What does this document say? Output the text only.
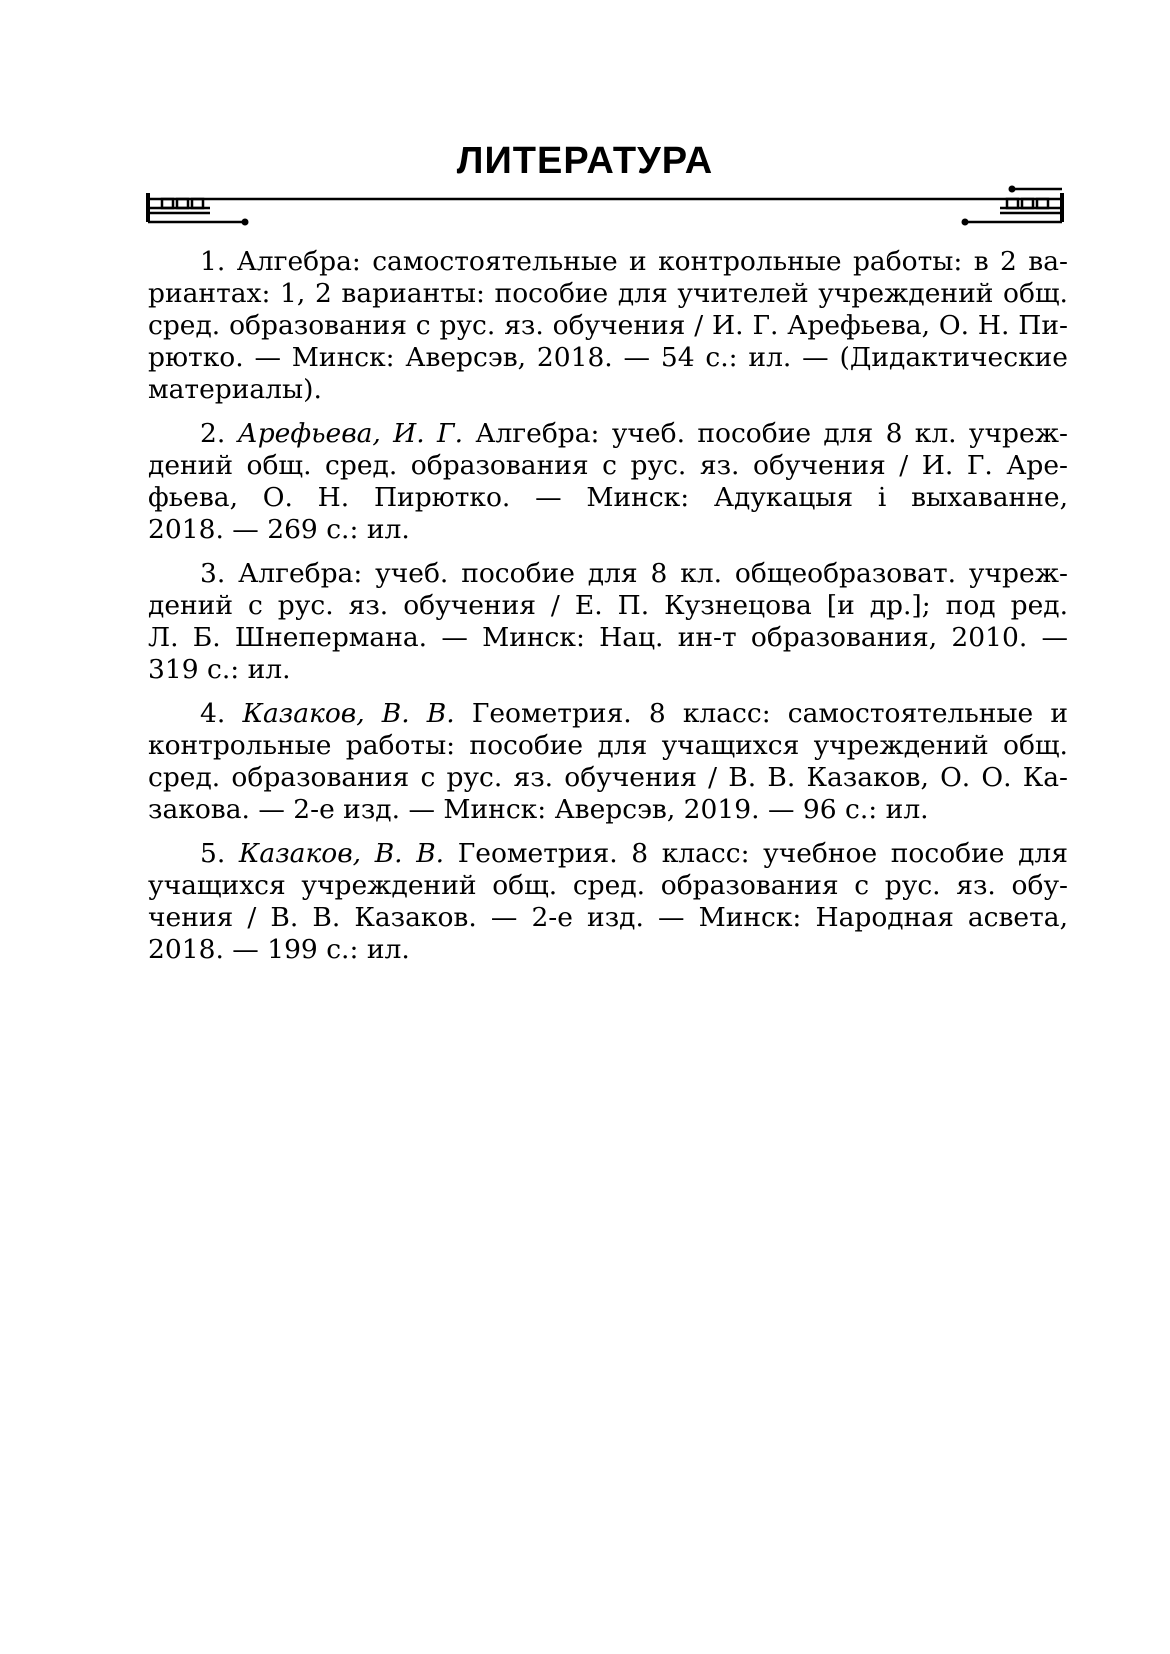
ЛИТЕРАТУРА
1. Алгебра: самостоятельные и контрольные работы: в 2 ва-
риантах: 1, 2 варианты: пособие для учителей учреждений общ.
сред. образования с рус. яз. обучения / И. Г. Арефьева, О. Н. Пи-
рютко. — Минск: Аверсэв, 2018. — 54 с.: ил. — (Дидактические
материалы).
2. Арефьева, И. Г. Алгебра: учеб. пособие для 8 кл. учреж-
дений общ. сред. образования с рус. яз. обучения / И. Г. Аре-
фьева, О. Н. Пирютко. — Минск: Адукацыя і выхаванне,
2018. — 269 с.: ил.
3. Алгебра: учеб. пособие для 8 кл. общеобразоват. учреж-
дений с рус. яз. обучения / Е. П. Кузнецова [и др.]; под ред.
Л. Б. Шнепермана. — Минск: Нац. ин-т образования, 2010. —
319 с.: ил.
4. Казаков, В. В. Геометрия. 8 класс: самостоятельные и
контрольные работы: пособие для учащихся учреждений общ.
сред. образования с рус. яз. обучения / В. В. Казаков, О. О. Ка-
закова. — 2-е изд. — Минск: Аверсэв, 2019. — 96 с.: ил.
5. Казаков, В. В. Геометрия. 8 класс: учебное пособие для
учащихся учреждений общ. сред. образования с рус. яз. обу-
чения / В. В. Казаков. — 2-е изд. — Минск: Народная асвета,
2018. — 199 с.: ил.
